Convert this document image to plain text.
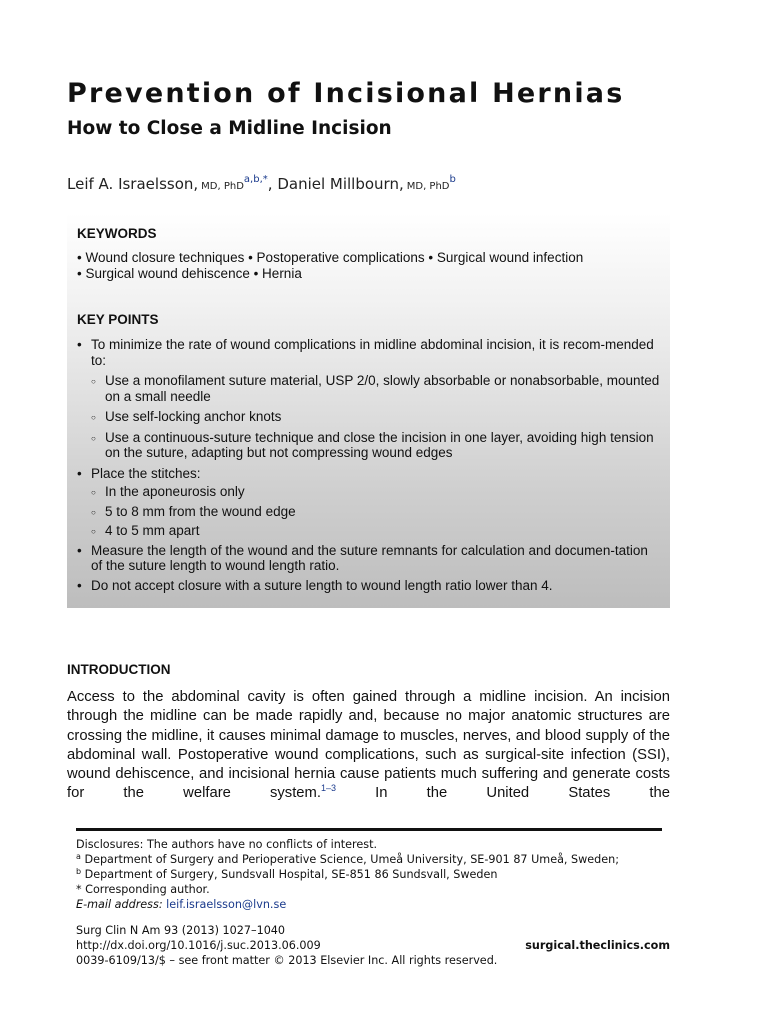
Prevention of Incisional Hernias
How to Close a Midline Incision
Leif A. Israelsson, MD, PhD$^{a,b,*}$, Daniel Millbourn, MD, PhD$^b$
KEYWORDS
• Wound closure techniques • Postoperative complications • Surgical wound infection
• Surgical wound dehiscence • Hernia
KEY POINTS
• To minimize the rate of wound complications in midline abdominal incision, it is recom-mended to:
○ Use a monofilament suture material, USP 2/0, slowly absorbable or nonabsorbable, mounted on a small needle
○ Use self-locking anchor knots
○ Use a continuous-suture technique and close the incision in one layer, avoiding high tension on the suture, adapting but not compressing wound edges
• Place the stitches:
○ In the aponeurosis only
○ 5 to 8 mm from the wound edge
○ 4 to 5 mm apart
• Measure the length of the wound and the suture remnants for calculation and documen-tation of the suture length to wound length ratio.
• Do not accept closure with a suture length to wound length ratio lower than 4.
INTRODUCTION

Access to the abdominal cavity is often gained through a midline incision. An incision through the midline can be made rapidly and, because no major anatomic structures are crossing the midline, it causes minimal damage to muscles, nerves, and blood supply of the abdominal wall. Postoperative wound complications, such as surgical-site infection (SSI), wound dehiscence, and incisional hernia cause patients much suffering and generate costs for the welfare system.$^{1-3}$ In the United States the

Disclosures: The authors have no conflicts of interest.
$^a$ Department of Surgery and Perioperative Science, Umeå University, SE-901 87 Umeå, Sweden;
$^b$ Department of Surgery, Sundsvall Hospital, SE-851 86 Sundsvall, Sweden
* Corresponding author.
E-mail address: leif.israelsson@lvn.se
Surg Clin N Am 93 (2013) 1027–1040
http://dx.doi.org/10.1016/j.suc.2013.06.009	surgical.theclinics.com
0039-6109/13/$ – see front matter © 2013 Elsevier Inc. All rights reserved.
